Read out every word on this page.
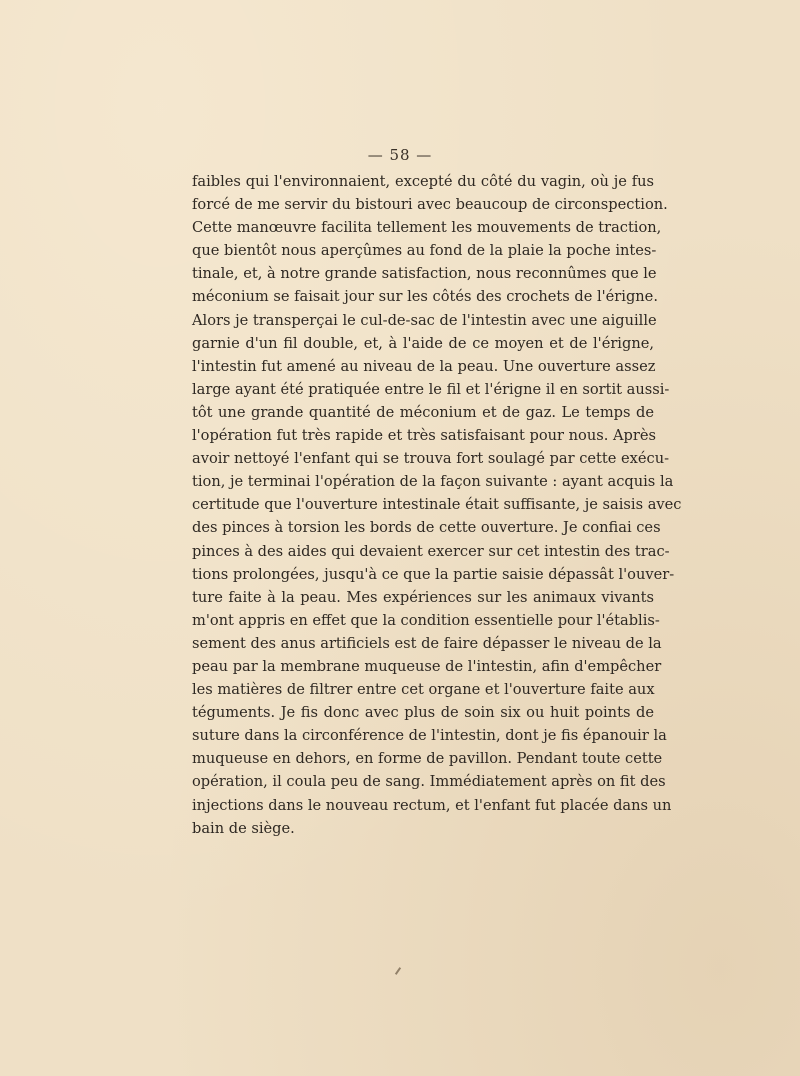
— 58 —
faibles qui l'environnaient, excepté du côté du vagin, où je fus
forcé de me servir du bistouri avec beaucoup de circonspection.
Cette manœuvre facilita tellement les mouvements de traction,
que bientôt nous aperçûmes au fond de la plaie la poche intes-
tinale, et, à notre grande satisfaction, nous reconnûmes que le
méconium se faisait jour sur les côtés des crochets de l'érigne.
Alors je transperçai le cul-de-sac de l'intestin avec une aiguille
garnie d'un fil double, et, à l'aide de ce moyen et de l'érigne,
l'intestin fut amené au niveau de la peau. Une ouverture assez
large ayant été pratiquée entre le fil et l'érigne il en sortit aussi-
tôt une grande quantité de méconium et de gaz. Le temps de
l'opération fut très rapide et très satisfaisant pour nous. Après
avoir nettoyé l'enfant qui se trouva fort soulagé par cette exécu-
tion, je terminai l'opération de la façon suivante : ayant acquis la
certitude que l'ouverture intestinale était suffisante, je saisis avec
des pinces à torsion les bords de cette ouverture. Je confiai ces
pinces à des aides qui devaient exercer sur cet intestin des trac-
tions prolongées, jusqu'à ce que la partie saisie dépassât l'ouver-
ture faite à la peau. Mes expériences sur les animaux vivants
m'ont appris en effet que la condition essentielle pour l'établis-
sement des anus artificiels est de faire dépasser le niveau de la
peau par la membrane muqueuse de l'intestin, afin d'empêcher
les matières de filtrer entre cet organe et l'ouverture faite aux
téguments. Je fis donc avec plus de soin six ou huit points de
suture dans la circonférence de l'intestin, dont je fis épanouir la
muqueuse en dehors, en forme de pavillon. Pendant toute cette
opération, il coula peu de sang. Immédiatement après on fit des
injections dans le nouveau rectum, et l'enfant fut placée dans un
bain de siège.
